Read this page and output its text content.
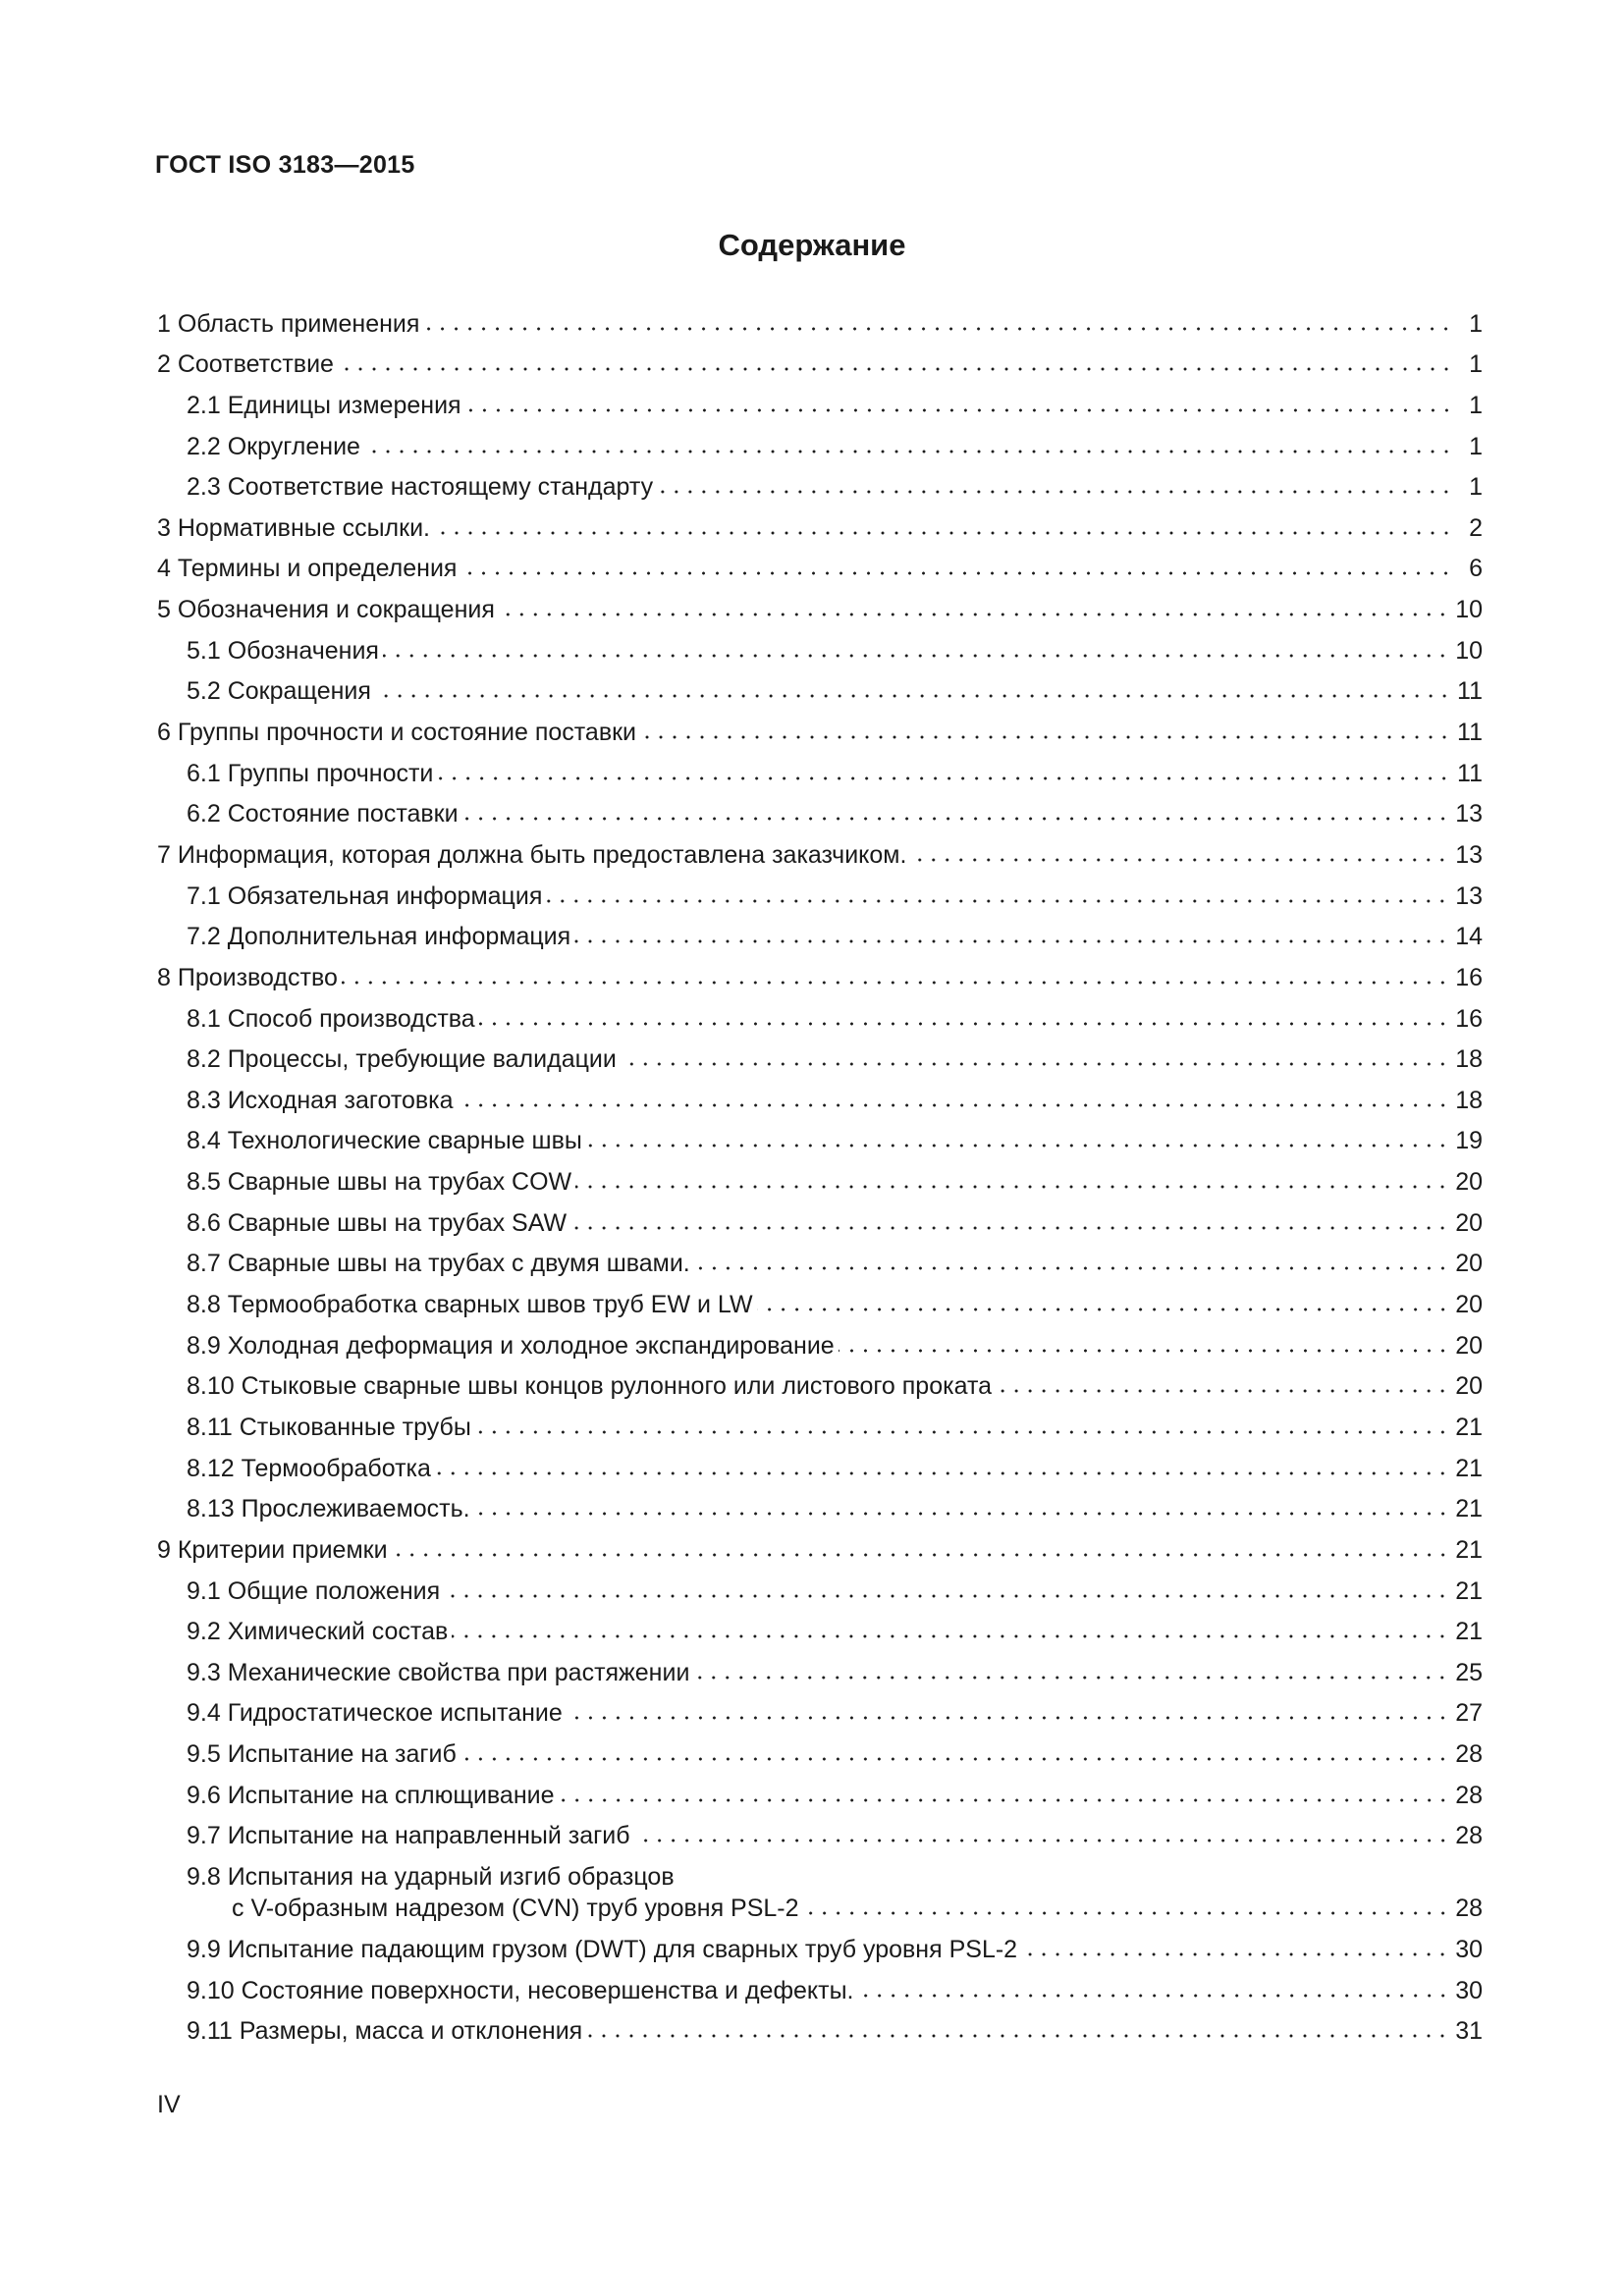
ГОСТ ISO 3183—2015
Содержание
1 Область применения	1
2 Соответствие	1
2.1 Единицы измерения	1
2.2 Округление	1
2.3 Соответствие настоящему стандарту	1
3 Нормативные ссылки.	2
4 Термины и определения	6
5 Обозначения и сокращения	10
5.1 Обозначения	10
5.2 Сокращения	11
6 Группы прочности и состояние поставки	11
6.1 Группы прочности	11
6.2 Состояние поставки	13
7 Информация, которая должна быть предоставлена заказчиком.	13
7.1 Обязательная информация	13
7.2 Дополнительная информация	14
8 Производство	16
8.1 Способ производства	16
8.2 Процессы, требующие валидации	18
8.3 Исходная заготовка	18
8.4 Технологические сварные швы	19
8.5 Сварные швы на трубах COW	20
8.6 Сварные швы на трубах SAW	20
8.7 Сварные швы на трубах с двумя швами.	20
8.8 Термообработка сварных швов труб EW и LW	20
8.9 Холодная деформация и холодное экспандирование	20
8.10 Стыковые сварные швы концов рулонного или листового проката	20
8.11 Стыкованные трубы	21
8.12 Термообработка	21
8.13 Прослеживаемость.	21
9 Критерии приемки	21
9.1 Общие положения	21
9.2 Химический состав	21
9.3 Механические свойства при растяжении	25
9.4 Гидростатическое испытание	27
9.5 Испытание на загиб	28
9.6 Испытание на сплющивание	28
9.7 Испытание на направленный загиб	28
9.8 Испытания на ударный изгиб образцов
с V-образным надрезом (CVN) труб уровня PSL-2	28
9.9 Испытание падающим грузом (DWT) для сварных труб уровня PSL-2	30
9.10 Состояние поверхности, несовершенства и дефекты.	30
9.11 Размеры, масса и отклонения	31
IV
